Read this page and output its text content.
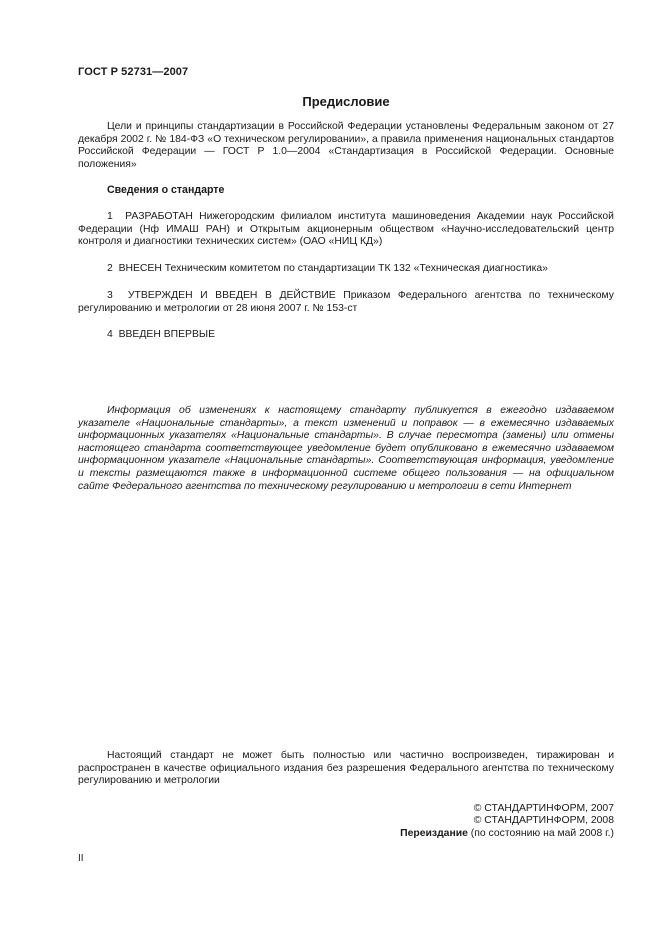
ГОСТ Р 52731—2007
Предисловие

Цели и принципы стандартизации в Российской Федерации установлены Федеральным законом от 27 декабря 2002 г. № 184-ФЗ «О техническом регулировании», а правила применения национальных стандартов Российской Федерации — ГОСТ Р 1.0—2004 «Стандартизация в Российской Федерации. Основные положения»

Сведения о стандарте

1 РАЗРАБОТАН Нижегородским филиалом института машиноведения Академии наук Российской Федерации (Нф ИМАШ РАН) и Открытым акционерным обществом «Научно-исследовательский центр контроля и диагностики технических систем» (ОАО «НИЦ КД»)

2 ВНЕСЕН Техническим комитетом по стандартизации ТК 132 «Техническая диагностика»

3 УТВЕРЖДЕН И ВВЕДЕН В ДЕЙСТВИЕ Приказом Федерального агентства по техническому регулированию и метрологии от 28 июня 2007 г. № 153-ст

4 ВВЕДЕН ВПЕРВЫЕ

Информация об изменениях к настоящему стандарту публикуется в ежегодно издаваемом указателе «Национальные стандарты», а текст изменений и поправок — в ежемесячно издаваемых информационных указателях «Национальные стандарты». В случае пересмотра (замены) или отмены настоящего стандарта соответствующее уведомление будет опубликовано в ежемесячно издаваемом информационном указателе «Национальные стандарты». Соответствующая информация, уведомление и тексты размещаются также в информационной системе общего пользования — на официальном сайте Федерального агентства по техническому регулированию и метрологии в сети Интернет

Настоящий стандарт не может быть полностью или частично воспроизведен, тиражирован и распространен в качестве официального издания без разрешения Федерального агентства по техническому регулированию и метрологии

© СТАНДАРТИНФОРМ, 2007
© СТАНДАРТИНФОРМ, 2008
Переиздание (по состоянию на май 2008 г.)
II
